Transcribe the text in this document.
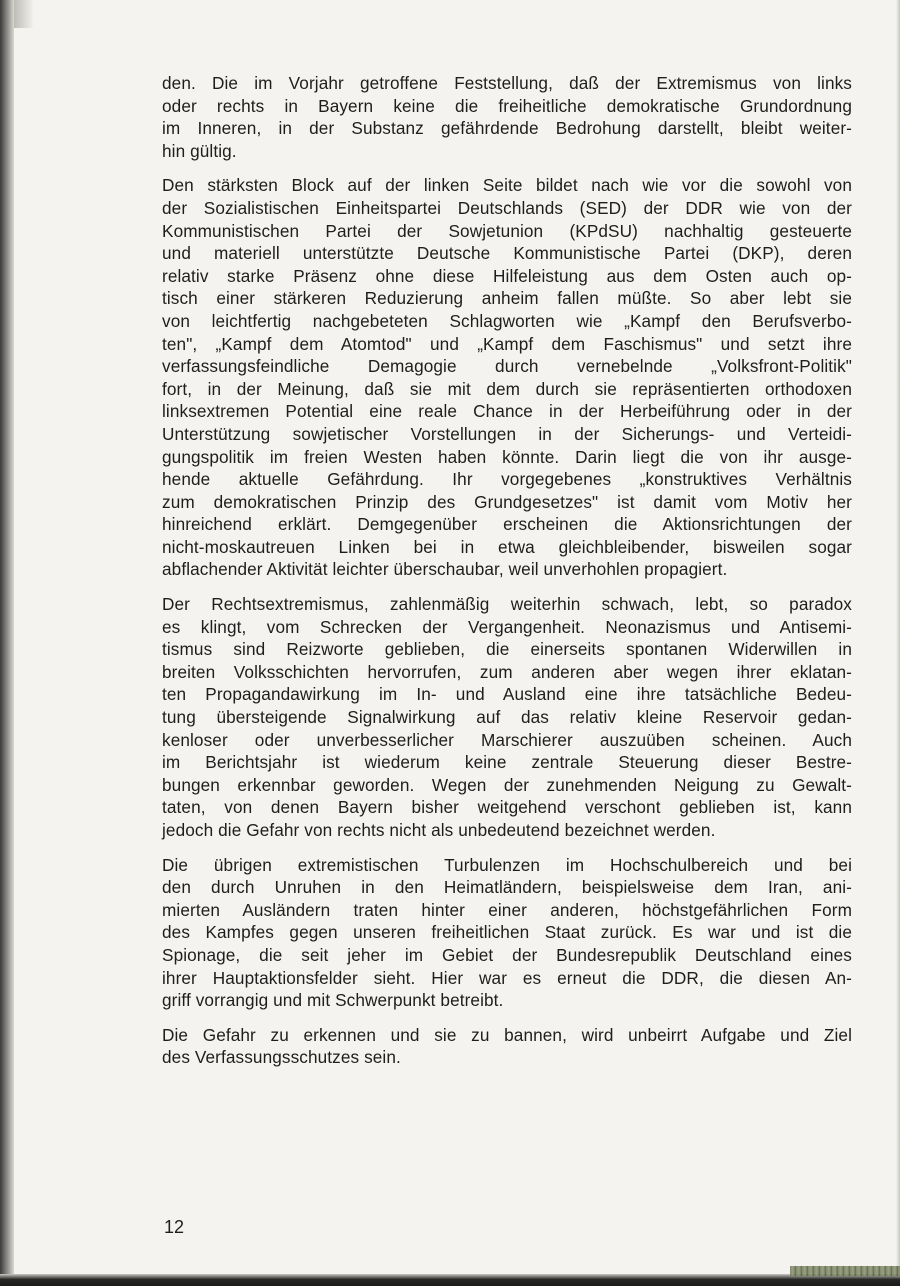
den. Die im Vorjahr getroffene Feststellung, daß der Extremismus von links
oder rechts in Bayern keine die freiheitliche demokratische Grundordnung
im Inneren, in der Substanz gefährdende Bedrohung darstellt, bleibt weiter-
hin gültig.

Den stärksten Block auf der linken Seite bildet nach wie vor die sowohl von
der Sozialistischen Einheitspartei Deutschlands (SED) der DDR wie von der
Kommunistischen Partei der Sowjetunion (KPdSU) nachhaltig gesteuerte
und materiell unterstützte Deutsche Kommunistische Partei (DKP), deren
relativ starke Präsenz ohne diese Hilfeleistung aus dem Osten auch op-
tisch einer stärkeren Reduzierung anheim fallen müßte. So aber lebt sie
von leichtfertig nachgebeteten Schlagworten wie „Kampf den Berufsverbo-
ten", „Kampf dem Atomtod" und „Kampf dem Faschismus" und setzt ihre
verfassungsfeindliche Demagogie durch vernebelnde „Volksfront-Politik"
fort, in der Meinung, daß sie mit dem durch sie repräsentierten orthodoxen
linksextremen Potential eine reale Chance in der Herbeiführung oder in der
Unterstützung sowjetischer Vorstellungen in der Sicherungs- und Verteidi-
gungspolitik im freien Westen haben könnte. Darin liegt die von ihr ausge-
hende aktuelle Gefährdung. Ihr vorgegebenes „konstruktives Verhältnis
zum demokratischen Prinzip des Grundgesetzes" ist damit vom Motiv her
hinreichend erklärt. Demgegenüber erscheinen die Aktionsrichtungen der
nicht-moskautreuen Linken bei in etwa gleichbleibender, bisweilen sogar
abflachender Aktivität leichter überschaubar, weil unverhohlen propagiert.

Der Rechtsextremismus, zahlenmäßig weiterhin schwach, lebt, so paradox
es klingt, vom Schrecken der Vergangenheit. Neonazismus und Antisemi-
tismus sind Reizworte geblieben, die einerseits spontanen Widerwillen in
breiten Volksschichten hervorrufen, zum anderen aber wegen ihrer eklatan-
ten Propagandawirkung im In- und Ausland eine ihre tatsächliche Bedeu-
tung übersteigende Signalwirkung auf das relativ kleine Reservoir gedan-
kenloser oder unverbesserlicher Marschierer auszuüben scheinen. Auch
im Berichtsjahr ist wiederum keine zentrale Steuerung dieser Bestre-
bungen erkennbar geworden. Wegen der zunehmenden Neigung zu Gewalt-
taten, von denen Bayern bisher weitgehend verschont geblieben ist, kann
jedoch die Gefahr von rechts nicht als unbedeutend bezeichnet werden.

Die übrigen extremistischen Turbulenzen im Hochschulbereich und bei
den durch Unruhen in den Heimatländern, beispielsweise dem Iran, ani-
mierten Ausländern traten hinter einer anderen, höchstgefährlichen Form
des Kampfes gegen unseren freiheitlichen Staat zurück. Es war und ist die
Spionage, die seit jeher im Gebiet der Bundesrepublik Deutschland eines
ihrer Hauptaktionsfelder sieht. Hier war es erneut die DDR, die diesen An-
griff vorrangig und mit Schwerpunkt betreibt.

Die Gefahr zu erkennen und sie zu bannen, wird unbeirrt Aufgabe und Ziel
des Verfassungsschutzes sein.

12
